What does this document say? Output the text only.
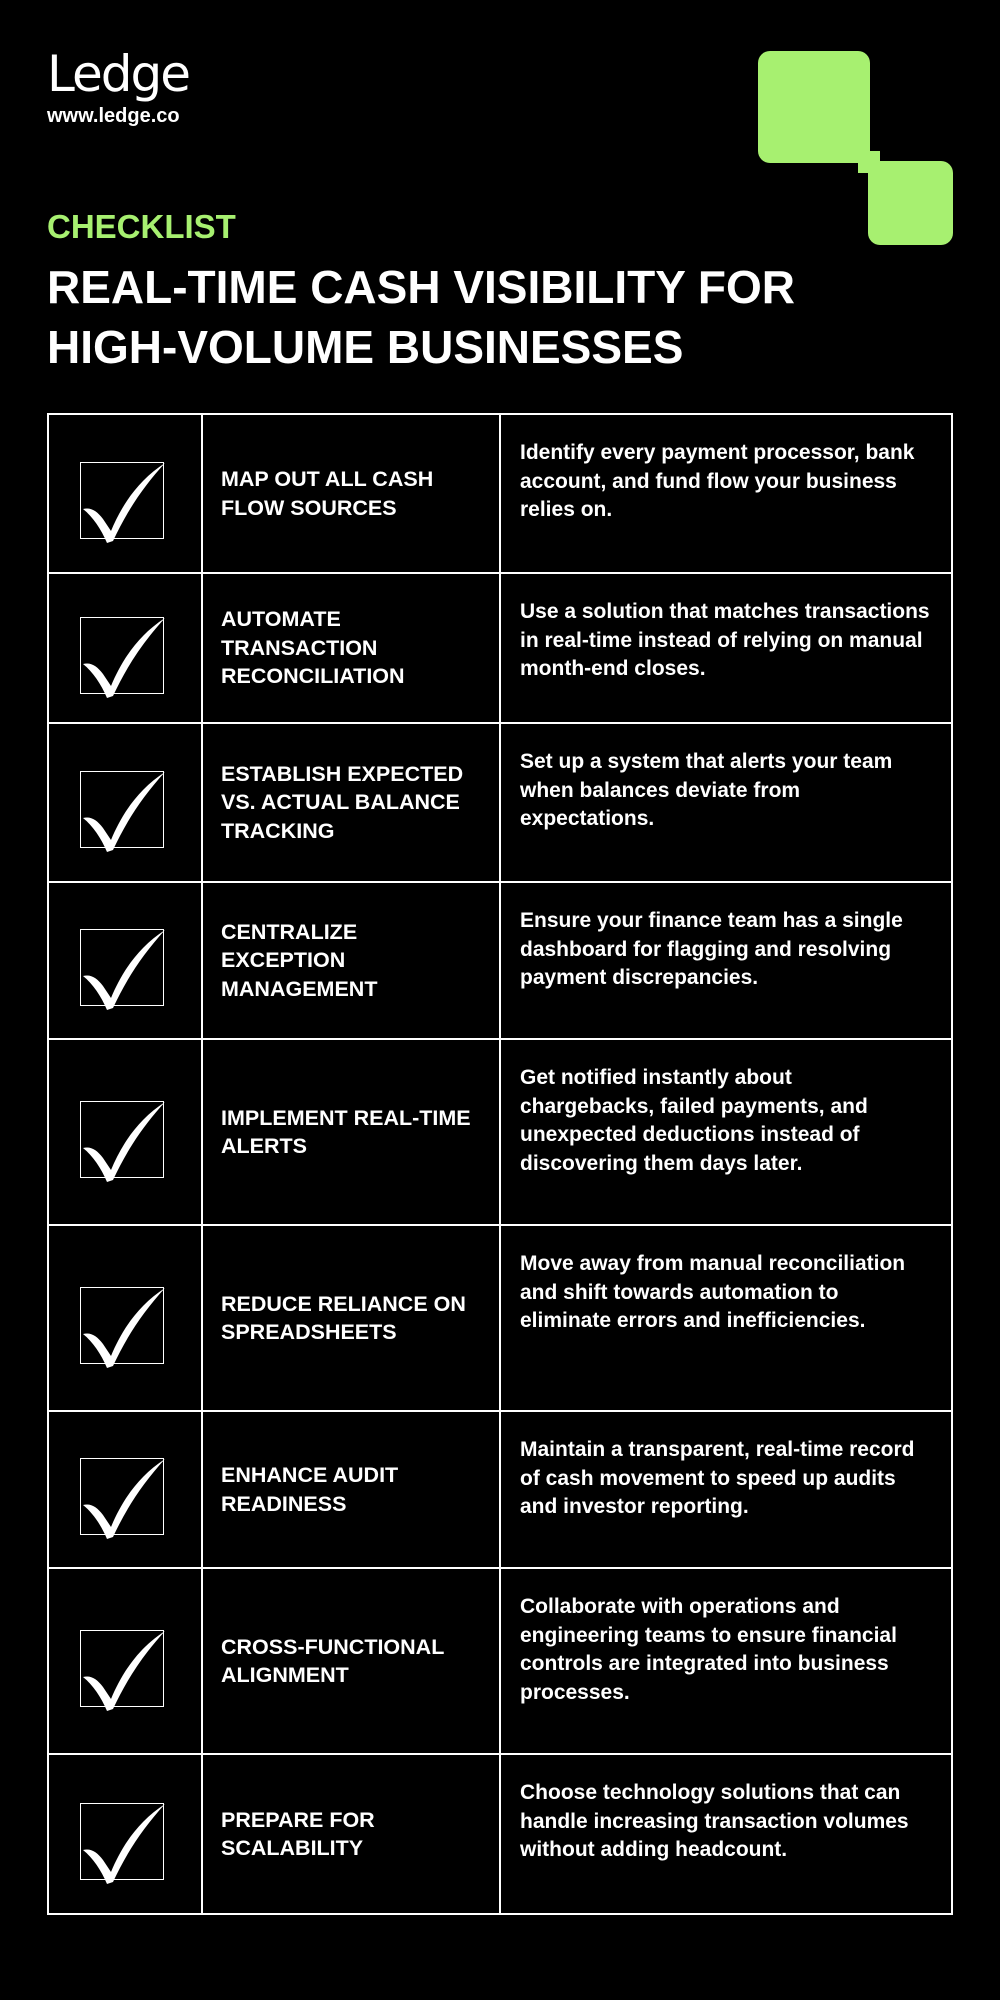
Ledge
www.ledge.co
CHECKLIST
REAL-TIME CASH VISIBILITY FOR
HIGH-VOLUME BUSINESSES
MAP OUT ALL CASH FLOW SOURCES
Identify every payment processor, bank account, and fund flow your business relies on.
AUTOMATE TRANSACTION RECONCILIATION
Use a solution that matches transactions in real-time instead of relying on manual month-end closes.
ESTABLISH EXPECTED VS. ACTUAL BALANCE TRACKING
Set up a system that alerts your team when balances deviate from expectations.
CENTRALIZE EXCEPTION MANAGEMENT
Ensure your finance team has a single dashboard for flagging and resolving payment discrepancies.
IMPLEMENT REAL-TIME ALERTS
Get notified instantly about chargebacks, failed payments, and unexpected deductions instead of discovering them days later.
REDUCE RELIANCE ON SPREADSHEETS
Move away from manual reconciliation and shift towards automation to eliminate errors and inefficiencies.
ENHANCE AUDIT READINESS
Maintain a transparent, real-time record of cash movement to speed up audits and investor reporting.
CROSS-FUNCTIONAL ALIGNMENT
Collaborate with operations and engineering teams to ensure financial controls are integrated into business processes.
PREPARE FOR SCALABILITY
Choose technology solutions that can handle increasing transaction volumes without adding headcount.
